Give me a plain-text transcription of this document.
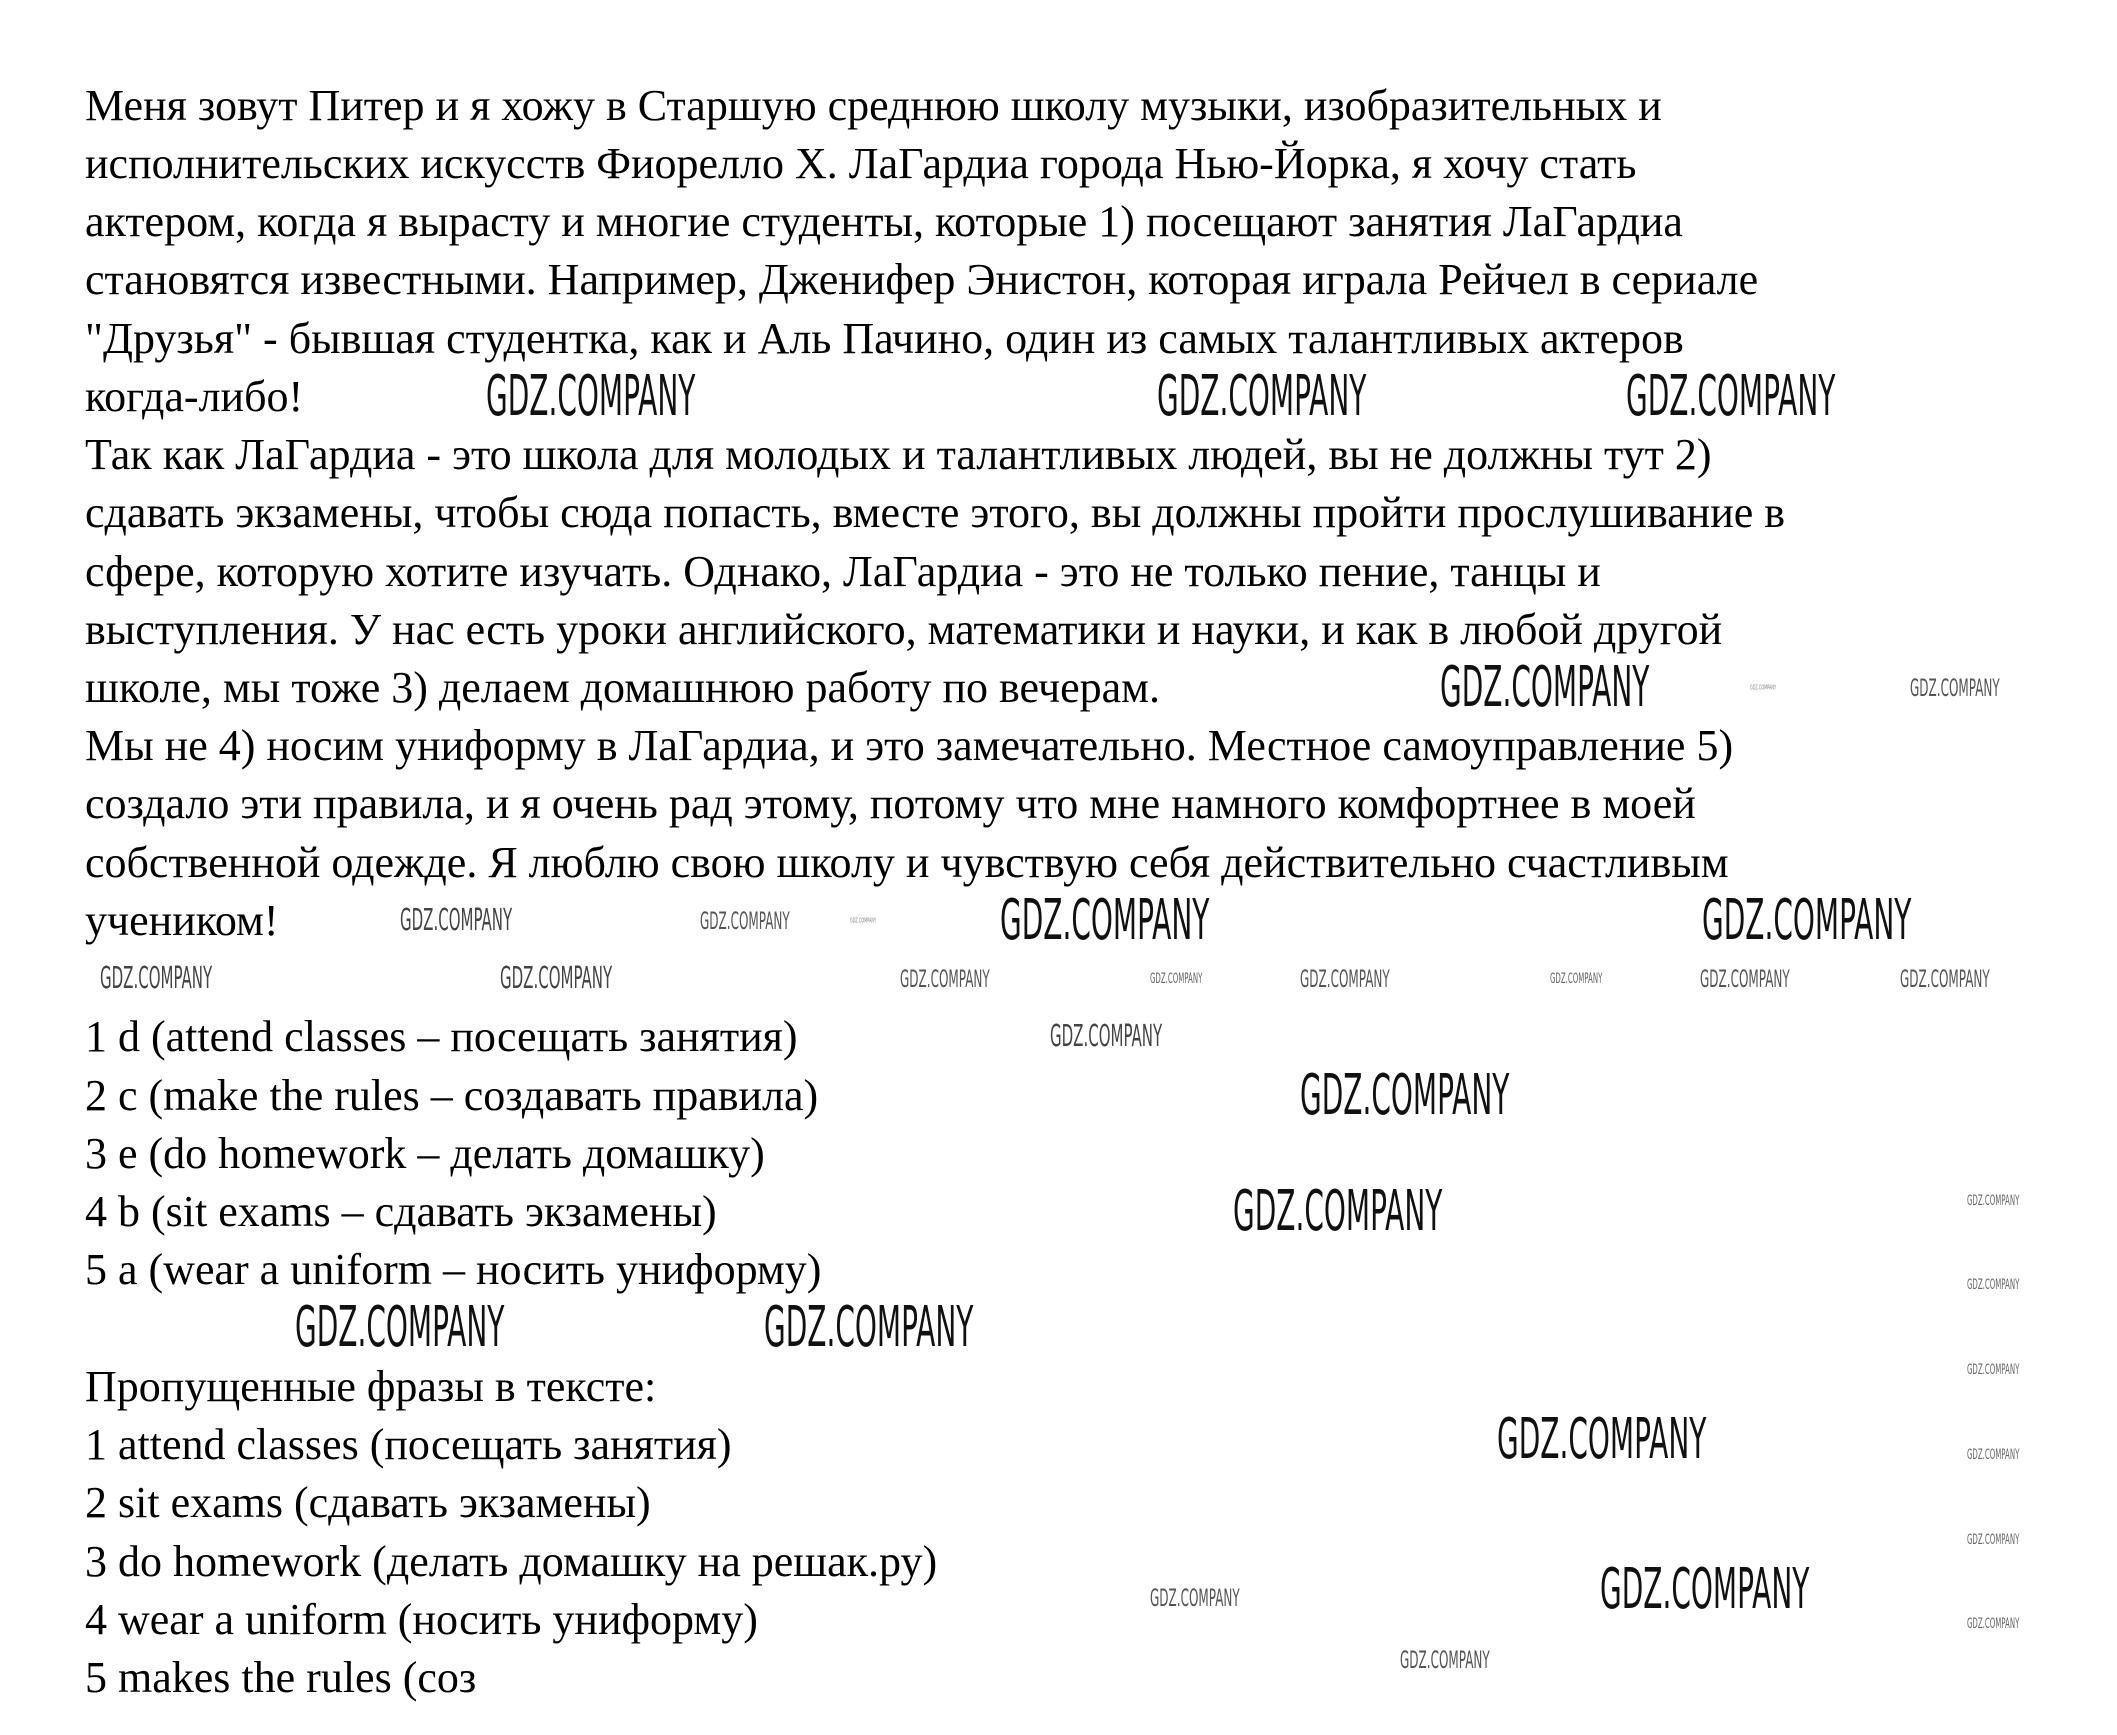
Меня зовут Питер и я хожу в Старшую среднюю школу музыки, изобразительных и
исполнительских искусств Фиорелло Х. ЛаГардиа города Нью-Йорка, я хочу стать
актером, когда я вырасту и многие студенты, которые 1) посещают занятия ЛаГардиа
становятся известными. Например, Дженифер Энистон, которая играла Рейчел в сериале
"Друзья" - бывшая студентка, как и Аль Пачино, один из самых талантливых актеров
когда-либо!
Так как ЛаГардиа - это школа для молодых и талантливых людей, вы не должны тут 2)
сдавать экзамены, чтобы сюда попасть, вместе этого, вы должны пройти прослушивание в
сфере, которую хотите изучать. Однако, ЛаГардиа - это не только пение, танцы и
выступления. У нас есть уроки английского, математики и науки, и как в любой другой
школе, мы тоже 3) делаем домашнюю работу по вечерам.
Мы не 4) носим униформу в ЛаГардиа, и это замечательно. Местное самоуправление 5)
создало эти правила, и я очень рад этому, потому что мне намного комфортнее в моей
собственной одежде. Я люблю свою школу и чувствую себя действительно счастливым
учеником!
1 d (attend classes – посещать занятия)
2 c (make the rules – создавать правила)
3 e (do homework – делать домашку)
4 b (sit exams – сдавать экзамены)
5 a (wear a uniform – носить униформу)
Пропущенные фразы в тексте:
1 attend classes (посещать занятия)
2 sit exams (сдавать экзамены)
3 do homework (делать домашку на решак.ру)
4 wear a uniform (носить униформу)
5 makes the rules (соз
GDZ.COMPANY	GDZ.COMPANY	GDZ.COMPANY	GDZ.COMPANY	GDZ.COMPANY	GDZ.COMPANY
GDZ.COMPANY
GDZ.COMPANY	GDZ.COMPANY	GDZ.COMPANY
GDZ.COMPANY
GDZ.COMPANY
GDZ.COMPANY
GDZ.COMPANY
GDZ.COMPANY	GDZ.COMPANY
GDZ.COMPANY
GDZ.COMPANY	GDZ.COMPANY
GDZ.COMPANY
GDZ.COMPANY
GDZ.COMPANY	GDZ.COMPANY
GDZ.COMPANY
GDZ.COMPANY
GDZ.COMPANY
GDZ.COMPANY
GDZ.COMPANY
GDZ.COMPANY	GDZ.COMPANY
GDZ.COMPANY
GDZ.COMPANY
GDZ.COMPANY
GDZ.COMPANY
